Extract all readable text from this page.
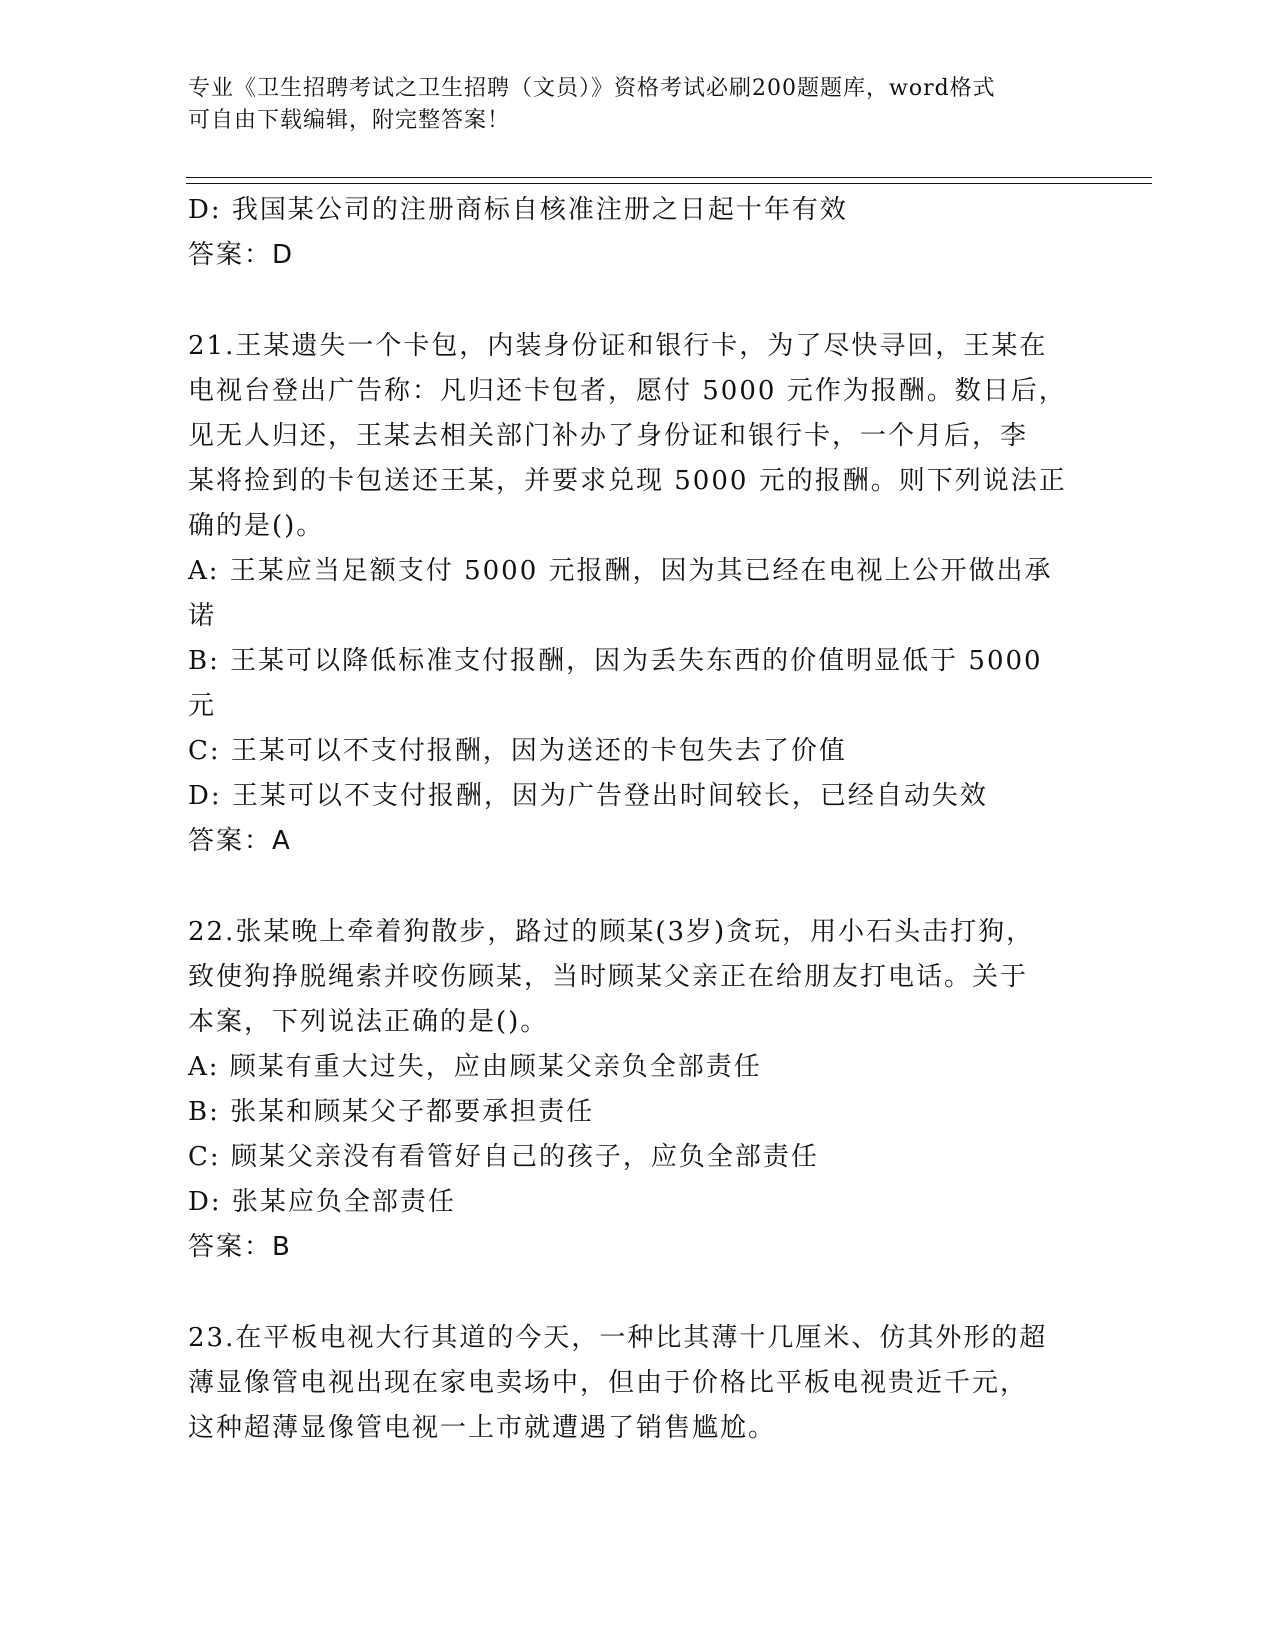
专业《卫生招聘考试之卫生招聘（文员）》资格考试必刷200题题库，word格式
可自由下载编辑，附完整答案！
D: 我国某公司的注册商标自核准注册之日起十年有效
答案：D
21.王某遗失一个卡包，内装身份证和银行卡，为了尽快寻回，王某在
电视台登出广告称：凡归还卡包者，愿付 5000 元作为报酬。数日后，
见无人归还，王某去相关部门补办了身份证和银行卡，一个月后，李
某将捡到的卡包送还王某，并要求兑现 5000 元的报酬。则下列说法正
确的是()。
A: 王某应当足额支付 5000 元报酬，因为其已经在电视上公开做出承
诺
B: 王某可以降低标准支付报酬，因为丢失东西的价值明显低于 5000
元
C: 王某可以不支付报酬，因为送还的卡包失去了价值
D: 王某可以不支付报酬，因为广告登出时间较长，已经自动失效
答案：A
22.张某晚上牵着狗散步，路过的顾某(3岁)贪玩，用小石头击打狗，
致使狗挣脱绳索并咬伤顾某，当时顾某父亲正在给朋友打电话。关于
本案，下列说法正确的是()。
A: 顾某有重大过失，应由顾某父亲负全部责任
B: 张某和顾某父子都要承担责任
C: 顾某父亲没有看管好自己的孩子，应负全部责任
D: 张某应负全部责任
答案：B
23.在平板电视大行其道的今天，一种比其薄十几厘米、仿其外形的超
薄显像管电视出现在家电卖场中，但由于价格比平板电视贵近千元，
这种超薄显像管电视一上市就遭遇了销售尴尬。
